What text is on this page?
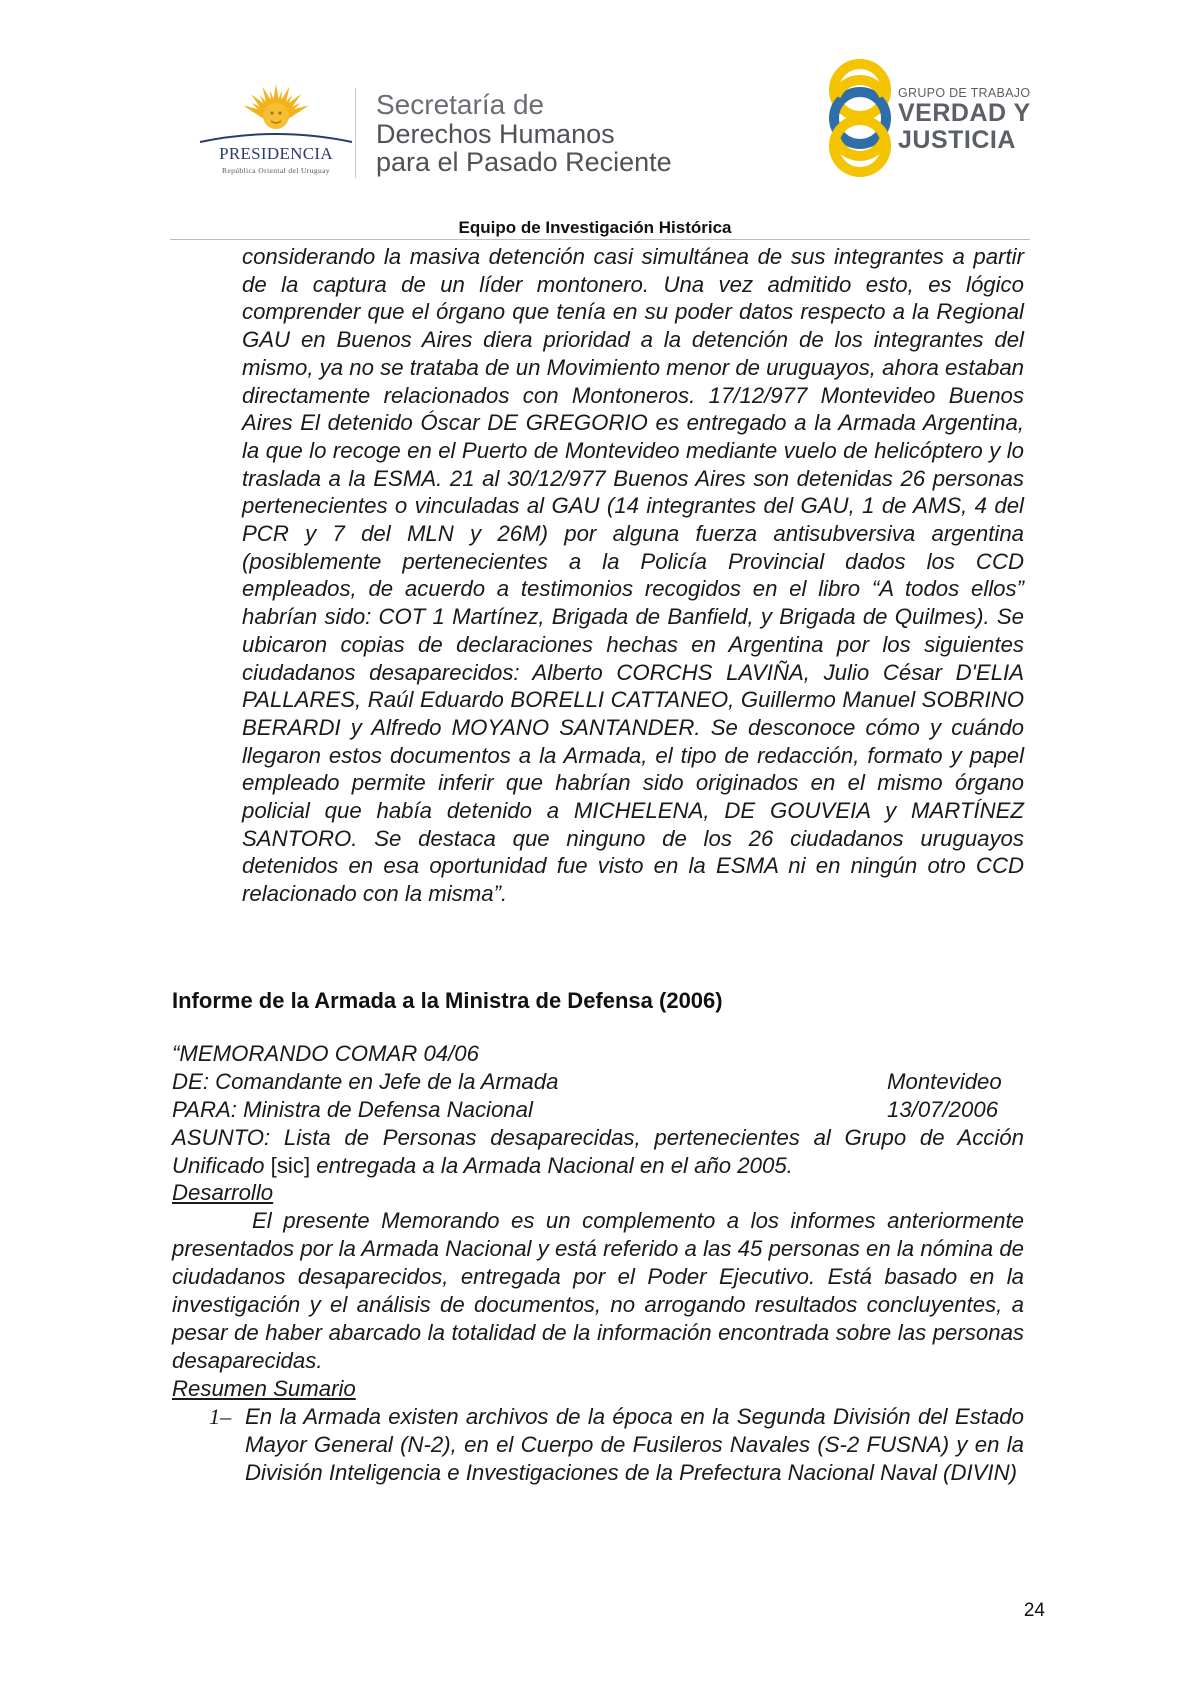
PRESIDENCIA
República Oriental del Uruguay
Secretaría de
Derechos Humanos
para el Pasado Reciente
GRUPO DE TRABAJO
VERDAD Y
JUSTICIA
Equipo de Investigación Histórica
considerando la masiva detención casi simultánea de sus integrantes a partir de la captura de un líder montonero. Una vez admitido esto, es lógico comprender que el órgano que tenía en su poder datos respecto a la Regional GAU en Buenos Aires diera prioridad a la detención de los integrantes del mismo, ya no se trataba de un Movimiento menor de uruguayos, ahora estaban directamente relacionados con Montoneros. 17/12/977 Montevideo Buenos Aires El detenido Óscar DE GREGORIO es entregado a la Armada Argentina, la que lo recoge en el Puerto de Montevideo mediante vuelo de helicóptero y lo traslada a la ESMA. 21 al 30/12/977 Buenos Aires son detenidas 26 personas pertenecientes o vinculadas al GAU (14 integrantes del GAU, 1 de AMS, 4 del PCR y 7 del MLN y 26M) por alguna fuerza antisubversiva argentina (posiblemente pertenecientes a la Policía Provincial dados los CCD empleados, de acuerdo a testimonios recogidos en el libro “A todos ellos” habrían sido: COT 1 Martínez, Brigada de Banfield, y Brigada de Quilmes). Se ubicaron copias de declaraciones hechas en Argentina por los siguientes ciudadanos desaparecidos: Alberto CORCHS LAVIÑA, Julio César D'ELIA PALLARES, Raúl Eduardo BORELLI CATTANEO, Guillermo Manuel SOBRINO BERARDI y Alfredo MOYANO SANTANDER. Se desconoce cómo y cuándo llegaron estos documentos a la Armada, el tipo de redacción, formato y papel empleado permite inferir que habrían sido originados en el mismo órgano policial que había detenido a MICHELENA, DE GOUVEIA y MARTÍNEZ SANTORO. Se destaca que ninguno de los 26 ciudadanos uruguayos detenidos en esa oportunidad fue visto en la ESMA ni en ningún otro CCD relacionado con la misma”.
Informe de la Armada a la Ministra de Defensa (2006)
“MEMORANDO COMAR 04/06
DE: Comandante en Jefe de la Armada	Montevideo
PARA: Ministra de Defensa Nacional	13/07/2006
ASUNTO: Lista de Personas desaparecidas, pertenecientes al Grupo de Acción Unificado [sic] entregada a la Armada Nacional en el año 2005.
Desarrollo
El presente Memorando es un complemento a los informes anteriormente presentados por la Armada Nacional y está referido a las 45 personas en la nómina de ciudadanos desaparecidos, entregada por el Poder Ejecutivo. Está basado en la investigación y el análisis de documentos, no arrogando resultados concluyentes, a pesar de haber abarcado la totalidad de la información encontrada sobre las personas desaparecidas.
Resumen Sumario
1– En la Armada existen archivos de la época en la Segunda División del Estado Mayor General (N-2), en el Cuerpo de Fusileros Navales (S-2 FUSNA) y en la División Inteligencia e Investigaciones de la Prefectura Nacional Naval (DIVIN)
24
